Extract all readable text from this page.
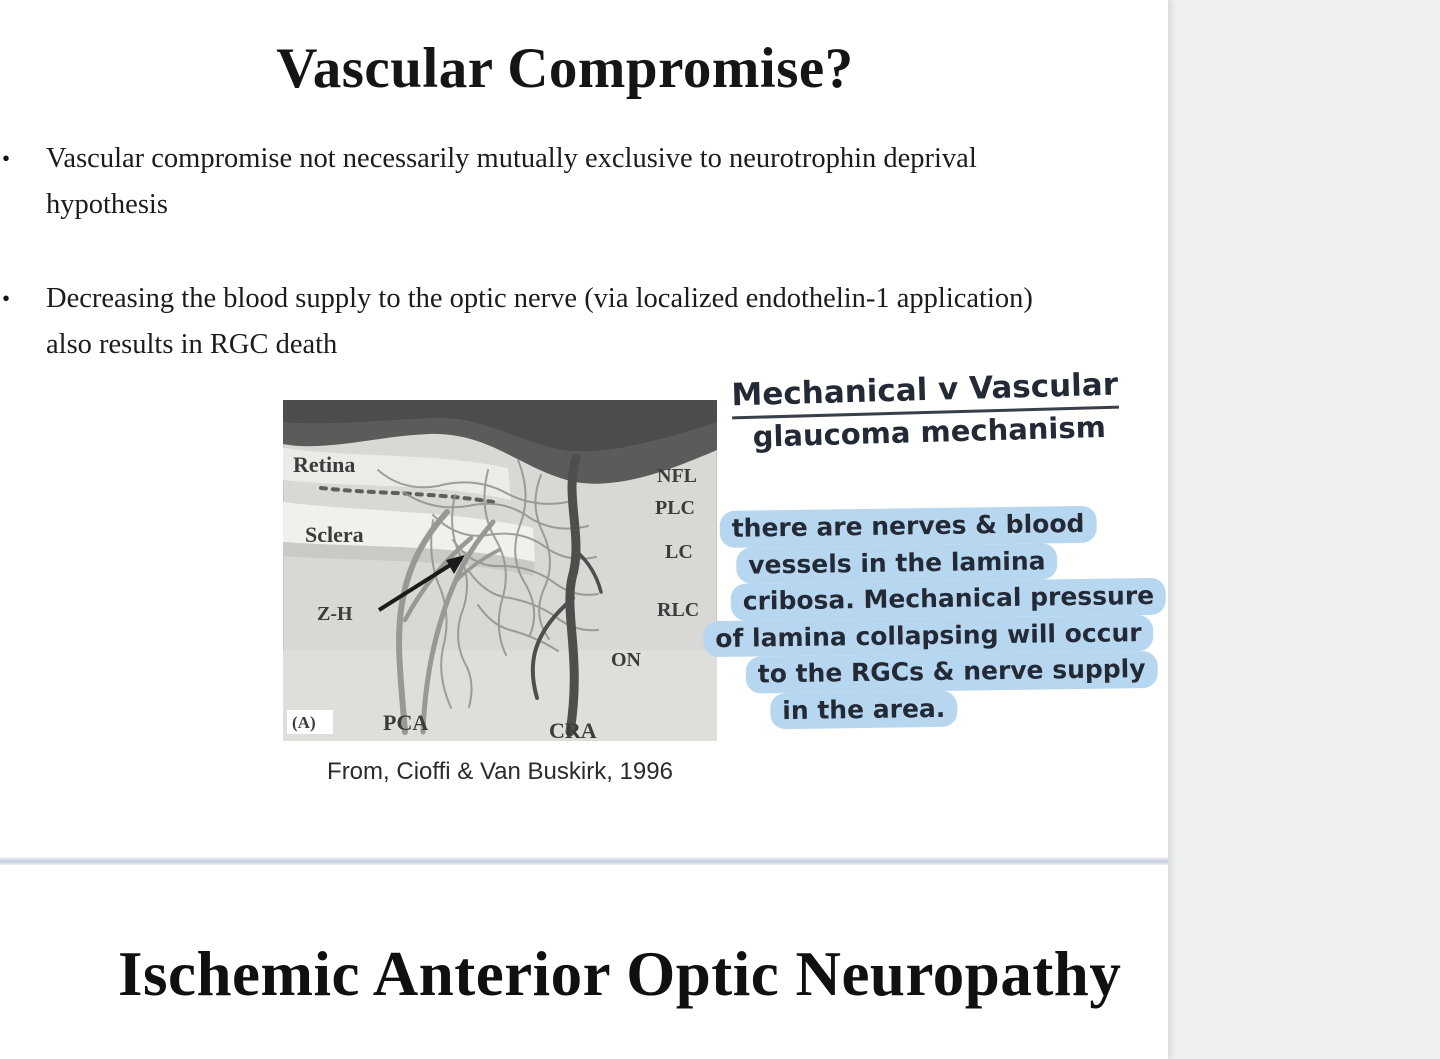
Vascular Compromise?
•	Vascular compromise not necessarily mutually exclusive to neurotrophin deprival hypothesis
•	Decreasing the blood supply to the optic nerve (via localized endothelin-1 application) also results in RGC death
Retina
Sclera
Z-H
PCA	CRA
(A)
NFL
PLC
LC
RLC
ON
From, Cioffi & Van Buskirk, 1996
Mechanical v Vascular
glaucoma mechanism
there are nerves & blood
vessels in the lamina
cribosa. Mechanical pressure
of lamina collapsing will occur
to the RGCs & nerve supply
in the area.
Ischemic Anterior Optic Neuropathy
